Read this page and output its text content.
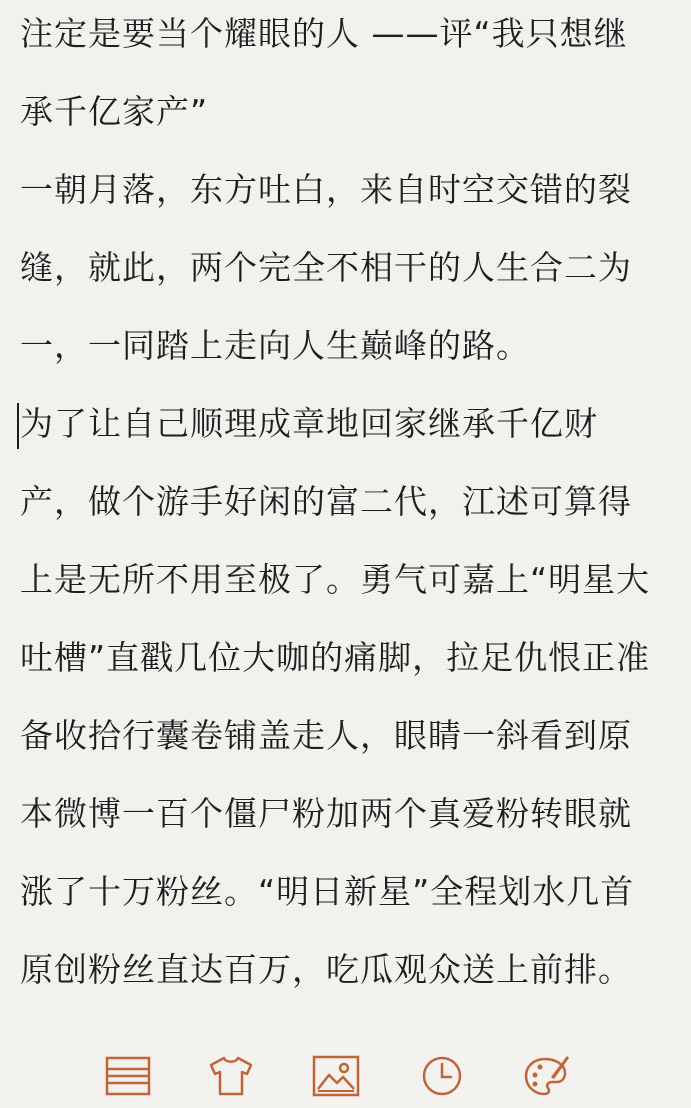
注定是要当个耀眼的人 ——评“我只想继
承千亿家产”
一朝月落，东方吐白，来自时空交错的裂
缝，就此，两个完全不相干的人生合二为
一，一同踏上走向人生巅峰的路。
为了让自己顺理成章地回家继承千亿财
产，做个游手好闲的富二代，江述可算得
上是无所不用至极了。勇气可嘉上“明星大
吐槽”直戳几位大咖的痛脚，拉足仇恨正准
备收拾行囊卷铺盖走人，眼睛一斜看到原
本微博一百个僵尸粉加两个真爱粉转眼就
涨了十万粉丝。“明日新星”全程划水几首
原创粉丝直达百万，吃瓜观众送上前排。
